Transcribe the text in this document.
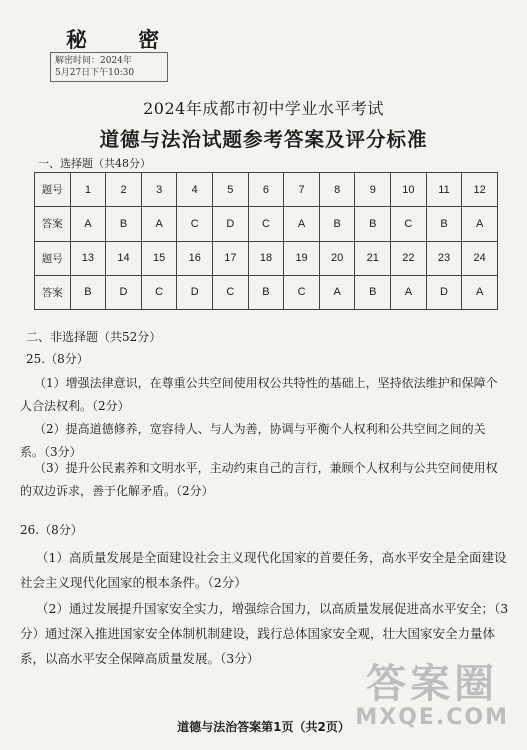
秘 密
解密时间：2024年
5月27日下午10:30
2024年成都市初中学业水平考试
道德与法治试题参考答案及评分标准
一、选择题（共48分）
题号	1	2	3	4	5	6	7	8	9	10	11	12
答案	A	B	A	C	D	C	A	B	B	C	B	A
题号	13	14	15	16	17	18	19	20	21	22	23	24
答案	B	D	C	D	C	B	C	A	B	A	D	A
二、非选择题（共52分）
25.（8分）
（1）增强法律意识，在尊重公共空间使用权公共特性的基础上，坚持依法维护和保障个人合法权利。（2分）
（2）提高道德修养，宽容待人、与人为善，协调与平衡个人权利和公共空间之间的关系。（3分）
（3）提升公民素养和文明水平，主动约束自己的言行，兼顾个人权利与公共空间使用权的双边诉求，善于化解矛盾。（2分）
26.（8分）
（1）高质量发展是全面建设社会主义现代化国家的首要任务，高水平安全是全面建设社会主义现代化国家的根本条件。（2分）
（2）通过发展提升国家安全实力，增强综合国力，以高质量发展促进高水平安全；（3分）通过深入推进国家安全体制机制建设，践行总体国家安全观，壮大国家安全力量体系，以高水平安全保障高质量发展。（3分）
答案圈
MXQE.COM
道德与法治答案第1页（共2页）
